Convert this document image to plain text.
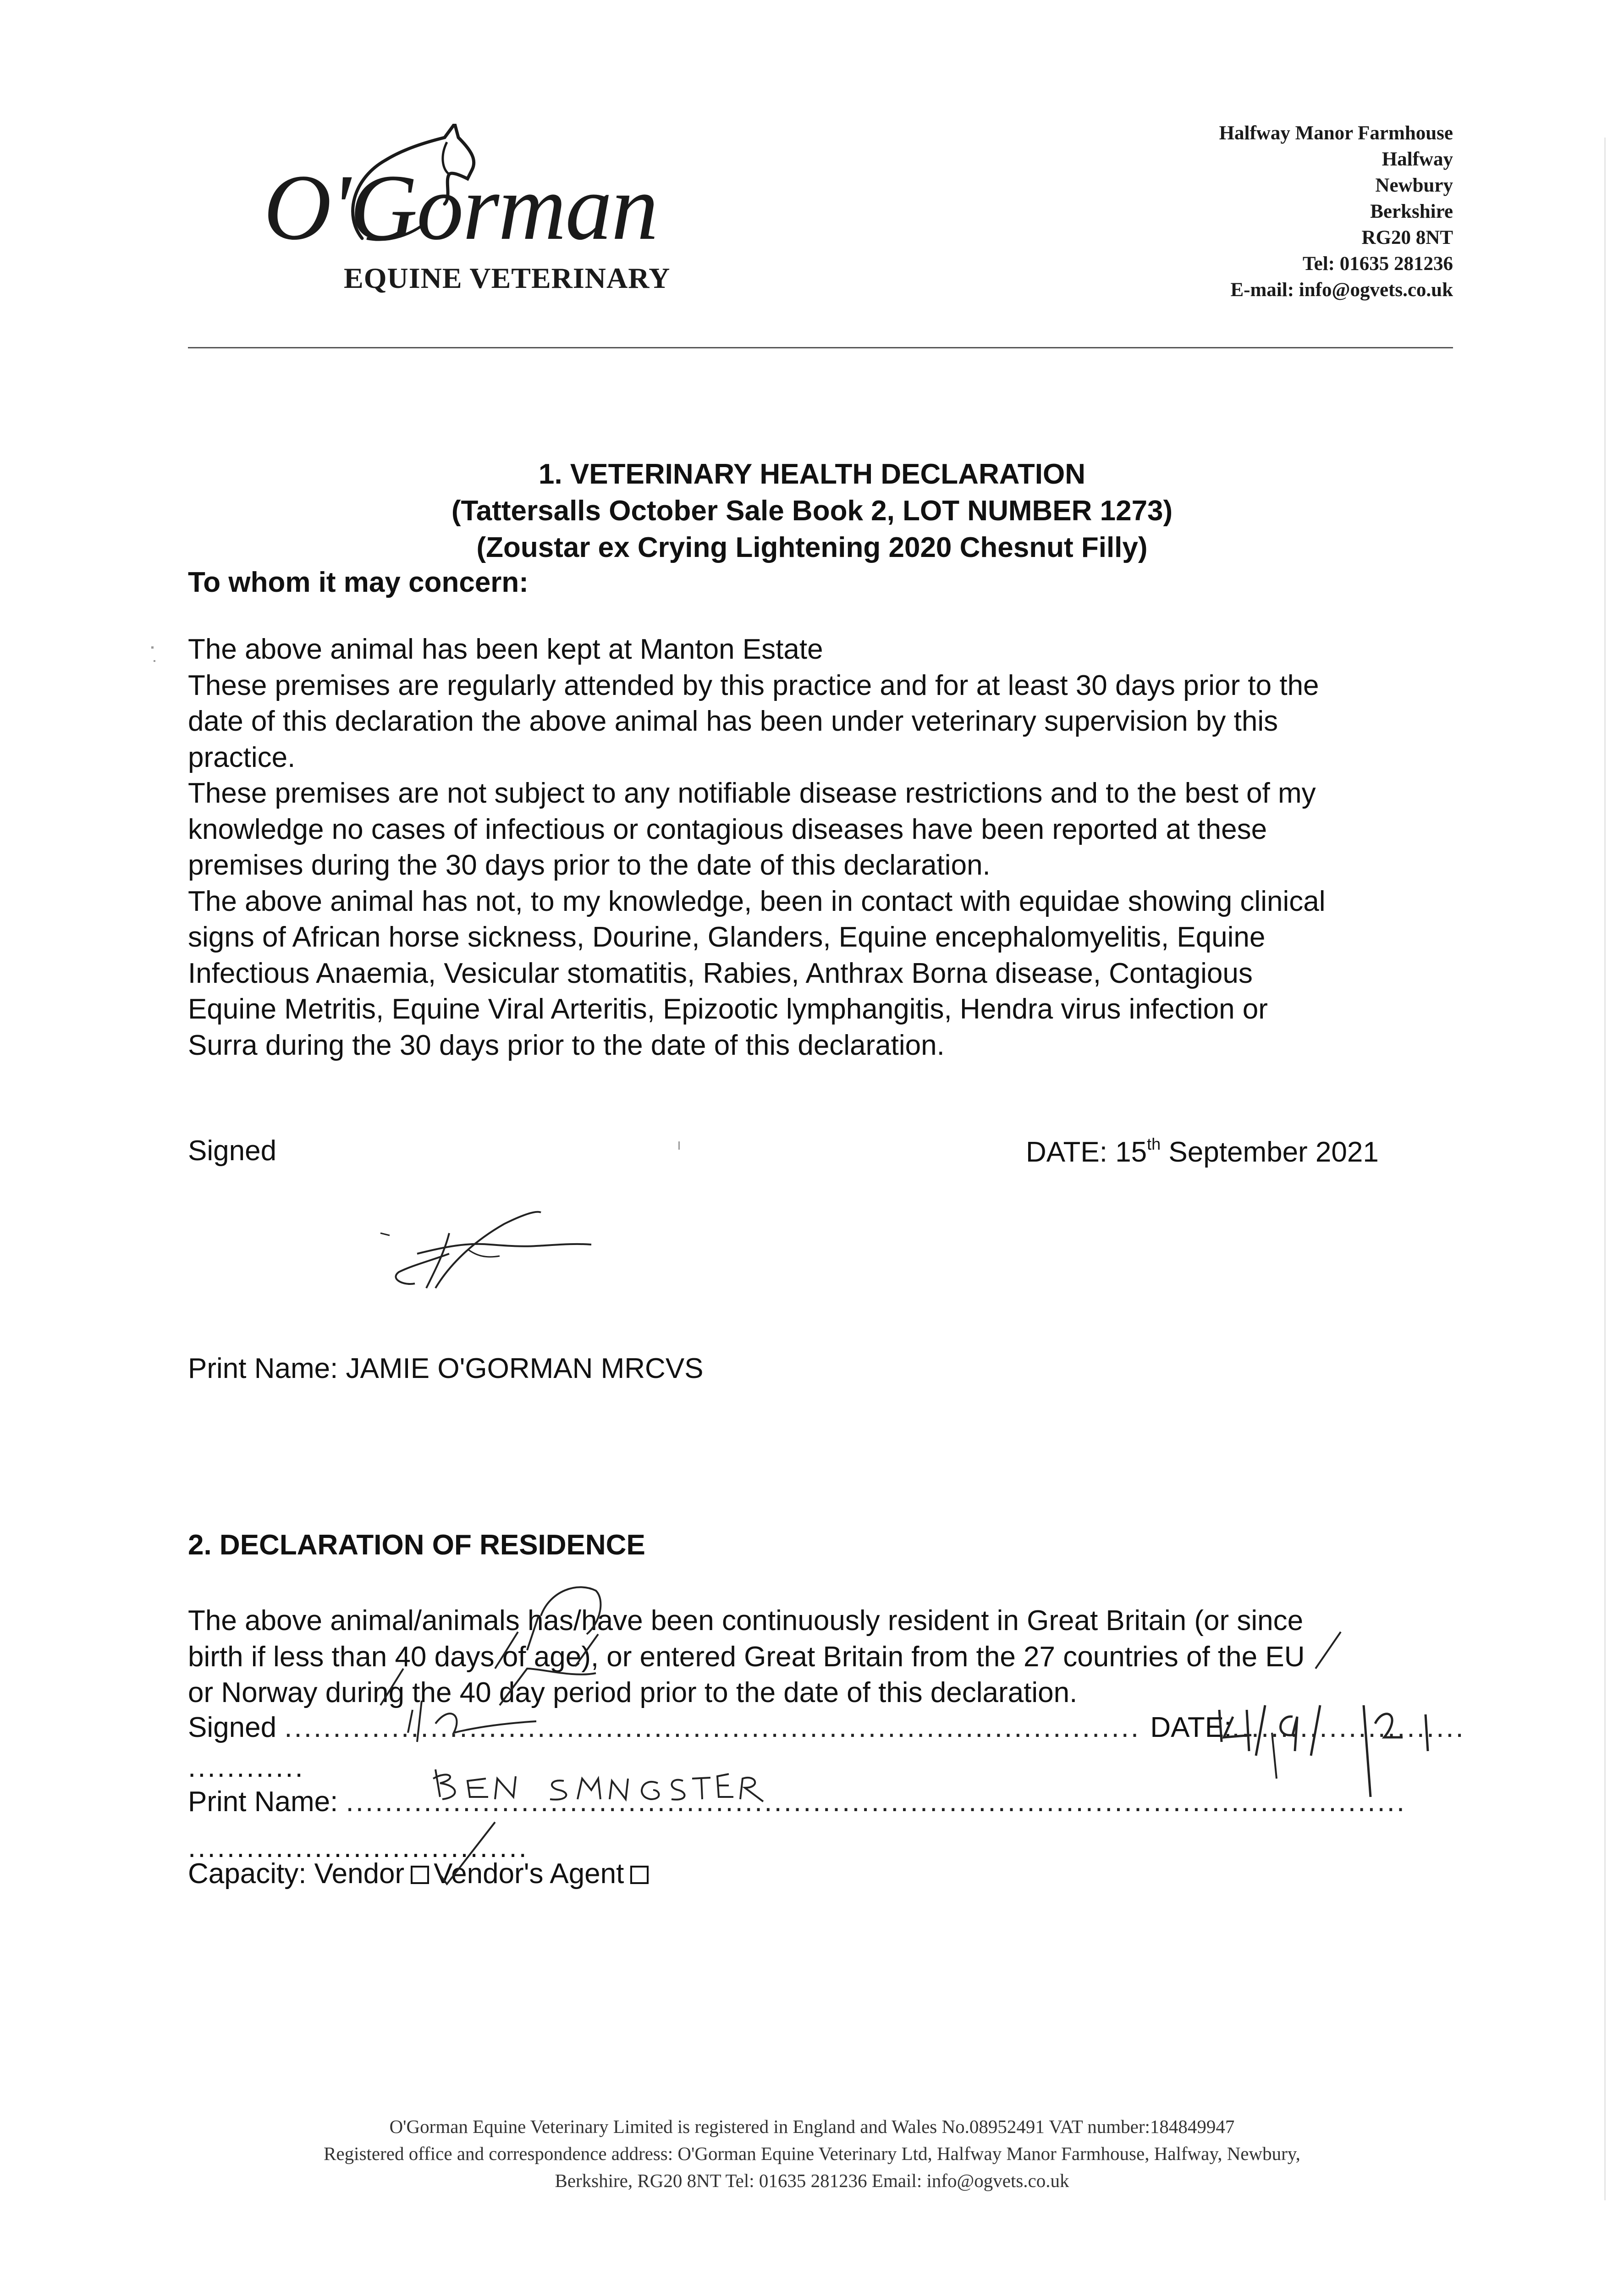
O'Gorman
EQUINE VETERINARY
Halfway Manor Farmhouse
Halfway
Newbury
Berkshire
RG20 8NT
Tel: 01635 281236
E-mail: info@ogvets.co.uk
1. VETERINARY HEALTH DECLARATION
(Tattersalls October Sale Book 2, LOT NUMBER 1273)
(Zoustar ex Crying Lightening 2020 Chesnut Filly)
To whom it may concern:
The above animal has been kept at Manton Estate
These premises are regularly attended by this practice and for at least 30 days prior to the
date of this declaration the above animal has been under veterinary supervision by this
practice.
These premises are not subject to any notifiable disease restrictions and to the best of my
knowledge no cases of infectious or contagious diseases have been reported at these
premises during the 30 days prior to the date of this declaration.
The above animal has not, to my knowledge, been in contact with equidae showing clinical
signs of African horse sickness, Dourine, Glanders, Equine encephalomyelitis, Equine
Infectious Anaemia, Vesicular stomatitis, Rabies, Anthrax Borna disease, Contagious
Equine Metritis, Equine Viral Arteritis, Epizootic lymphangitis, Hendra virus infection or
Surra during the 30 days prior to the date of this declaration.
Signed	DATE: 15th September 2021
Print Name: JAMIE O'GORMAN MRCVS
2. DECLARATION OF RESIDENCE
The above animal/animals has/have been continuously resident in Great Britain (or since
birth if less than 40 days of age), or entered Great Britain from the 27 countries of the EU
or Norway during the 40 day period prior to the date of this declaration.
Signed ........................................................................................ DATE:........................
............
Print Name: .............................................................................................................
...................................
Capacity: Vendor Vendor's Agent
O'Gorman Equine Veterinary Limited is registered in England and Wales No.08952491 VAT number:184849947
Registered office and correspondence address: O'Gorman Equine Veterinary Ltd, Halfway Manor Farmhouse, Halfway, Newbury,
Berkshire, RG20 8NT Tel: 01635 281236 Email: info@ogvets.co.uk
